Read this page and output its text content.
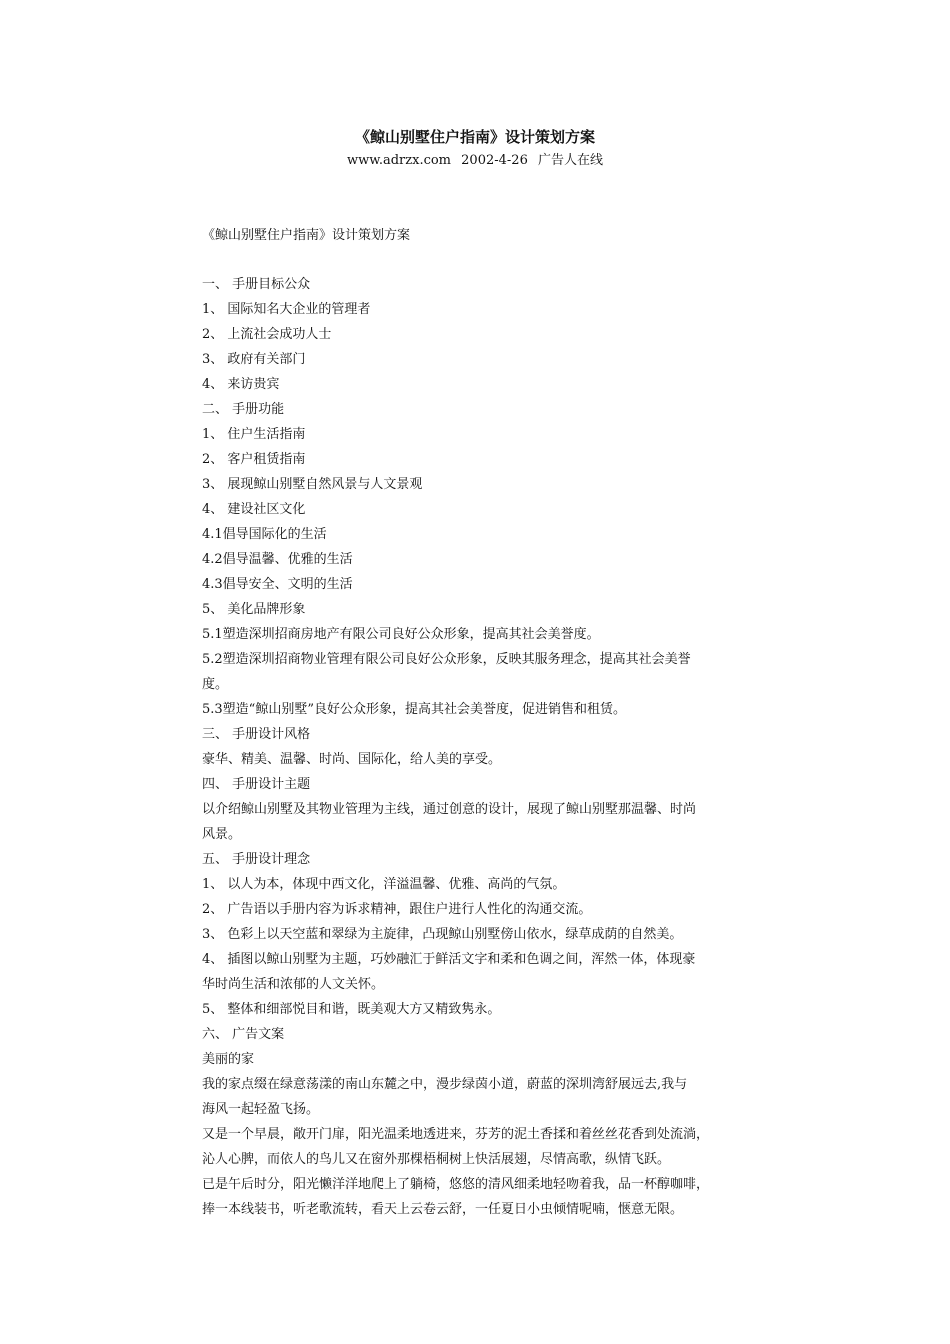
《鲸山别墅住户指南》设计策划方案
www.adrzx.com 2002-4-26 广告人在线
《鲸山别墅住户指南》设计策划方案
一、 手册目标公众
1、 国际知名大企业的管理者
2、 上流社会成功人士
3、 政府有关部门
4、 来访贵宾
二、 手册功能
1、 住户生活指南
2、 客户租赁指南
3、 展现鲸山别墅自然风景与人文景观
4、 建设社区文化
4.1倡导国际化的生活
4.2倡导温馨、优雅的生活
4.3倡导安全、文明的生活
5、 美化品牌形象
5.1塑造深圳招商房地产有限公司良好公众形象，提高其社会美誉度。
5.2塑造深圳招商物业管理有限公司良好公众形象，反映其服务理念，提高其社会美誉
度。
5.3塑造“鲸山别墅”良好公众形象，提高其社会美誉度，促进销售和租赁。
三、 手册设计风格
豪华、精美、温馨、时尚、国际化，给人美的享受。
四、 手册设计主题
以介绍鲸山别墅及其物业管理为主线，通过创意的设计，展现了鲸山别墅那温馨、时尚
风景。
五、 手册设计理念
1、 以人为本，体现中西文化，洋溢温馨、优雅、高尚的气氛。
2、 广告语以手册内容为诉求精神，跟住户进行人性化的沟通交流。
3、 色彩上以天空蓝和翠绿为主旋律，凸现鲸山别墅傍山依水，绿草成荫的自然美。
4、 插图以鲸山别墅为主题，巧妙融汇于鲜活文字和柔和色调之间，浑然一体，体现豪
华时尚生活和浓郁的人文关怀。
5、 整体和细部悦目和谐，既美观大方又精致隽永。
六、 广告文案
美丽的家
我的家点缀在绿意荡漾的南山东麓之中，漫步绿茵小道，蔚蓝的深圳湾舒展远去,我与
海风一起轻盈飞扬。
又是一个早晨，敞开门扉，阳光温柔地透进来，芬芳的泥土香揉和着丝丝花香到处流淌，
沁人心脾，而依人的鸟儿又在窗外那棵梧桐树上快活展翅，尽情高歌，纵情飞跃。
已是午后时分，阳光懒洋洋地爬上了躺椅，悠悠的清风细柔地轻吻着我，品一杯醇咖啡，
捧一本线装书，听老歌流转，看天上云卷云舒，一任夏日小虫倾情呢喃，惬意无限。
